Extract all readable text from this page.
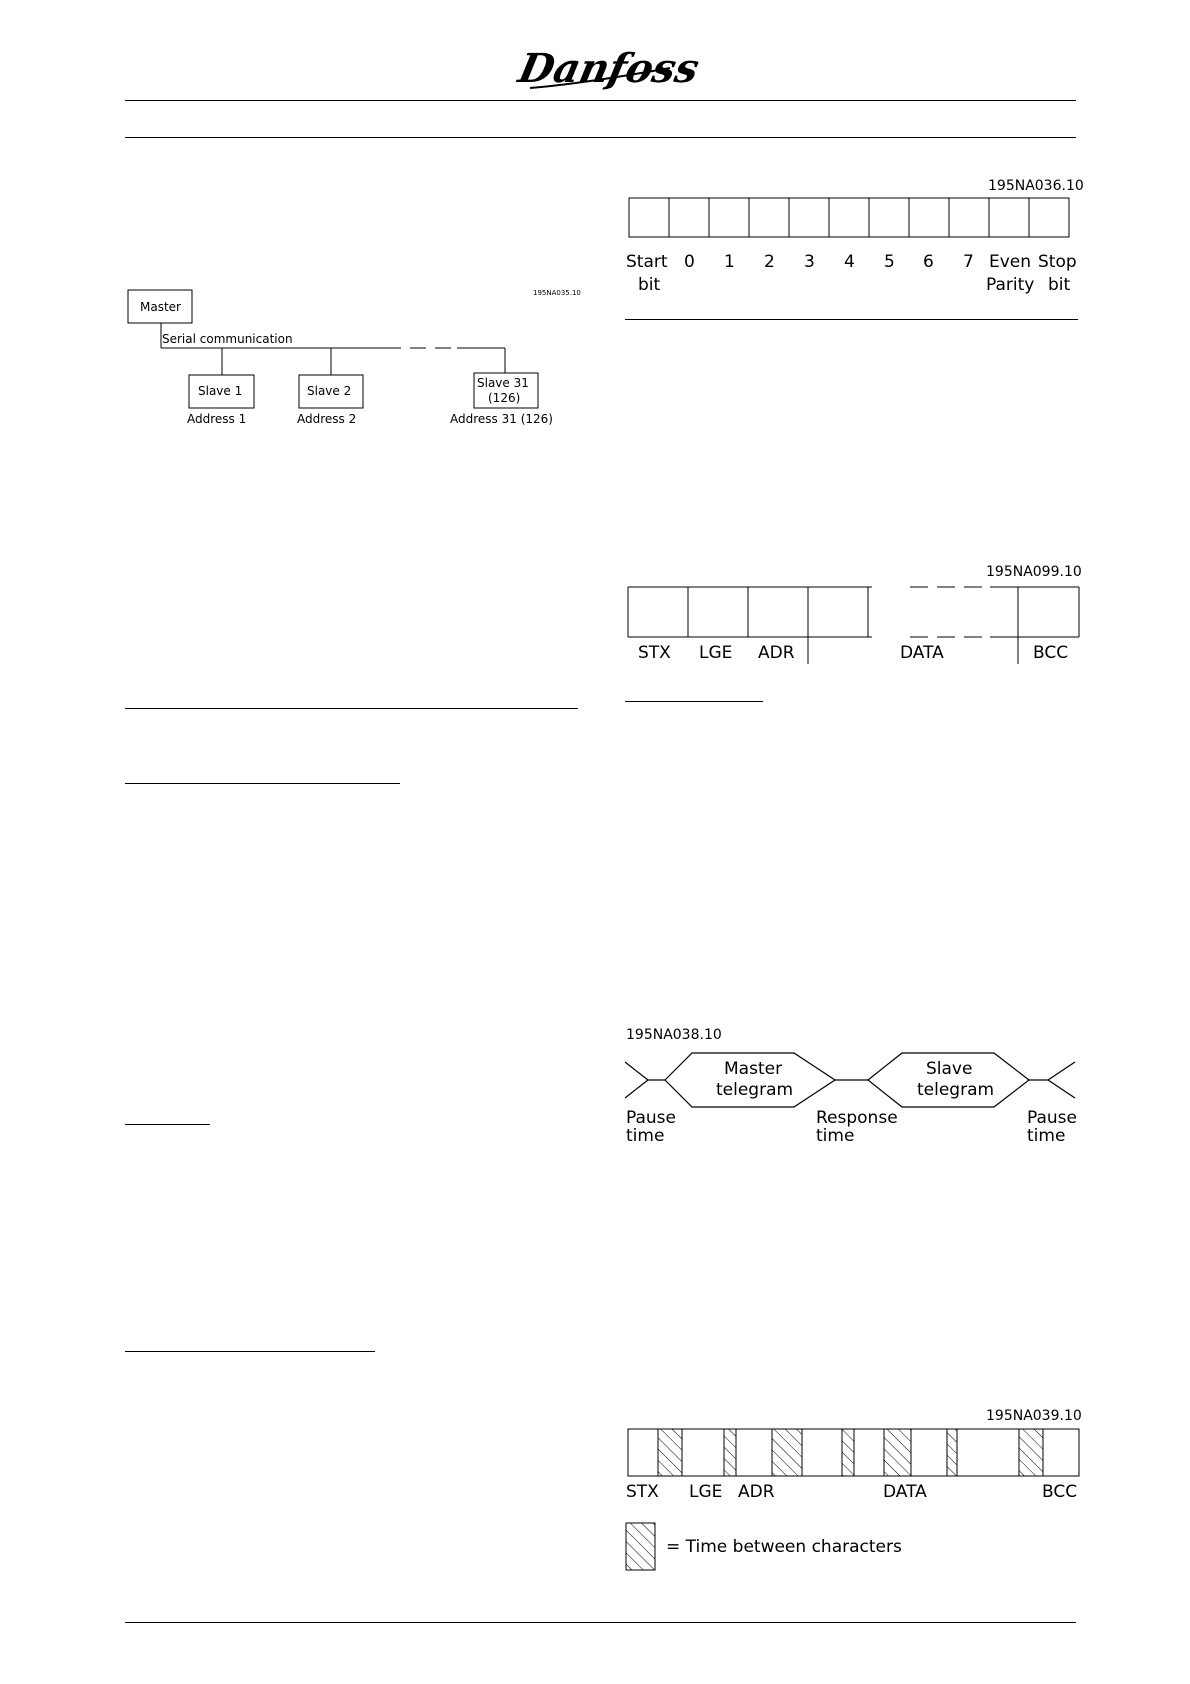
Danfoss
195NA035.10
Master
Serial communication
Slave 1
Address 1
Slave 2
Address 2
Slave 31
(126)
Address 31 (126)
195NA036.10
Start 0 1 2 3 4 5 6 7 Even Stop
bit	Parity bit
195NA099.10
STX LGE ADR	DATA	BCC
195NA038.10
Master
telegram
Slave
telegram
Pause
time
Response
time
Pause
time
195NA039.10
STX LGE ADR	DATA	BCC
= Time between characters
